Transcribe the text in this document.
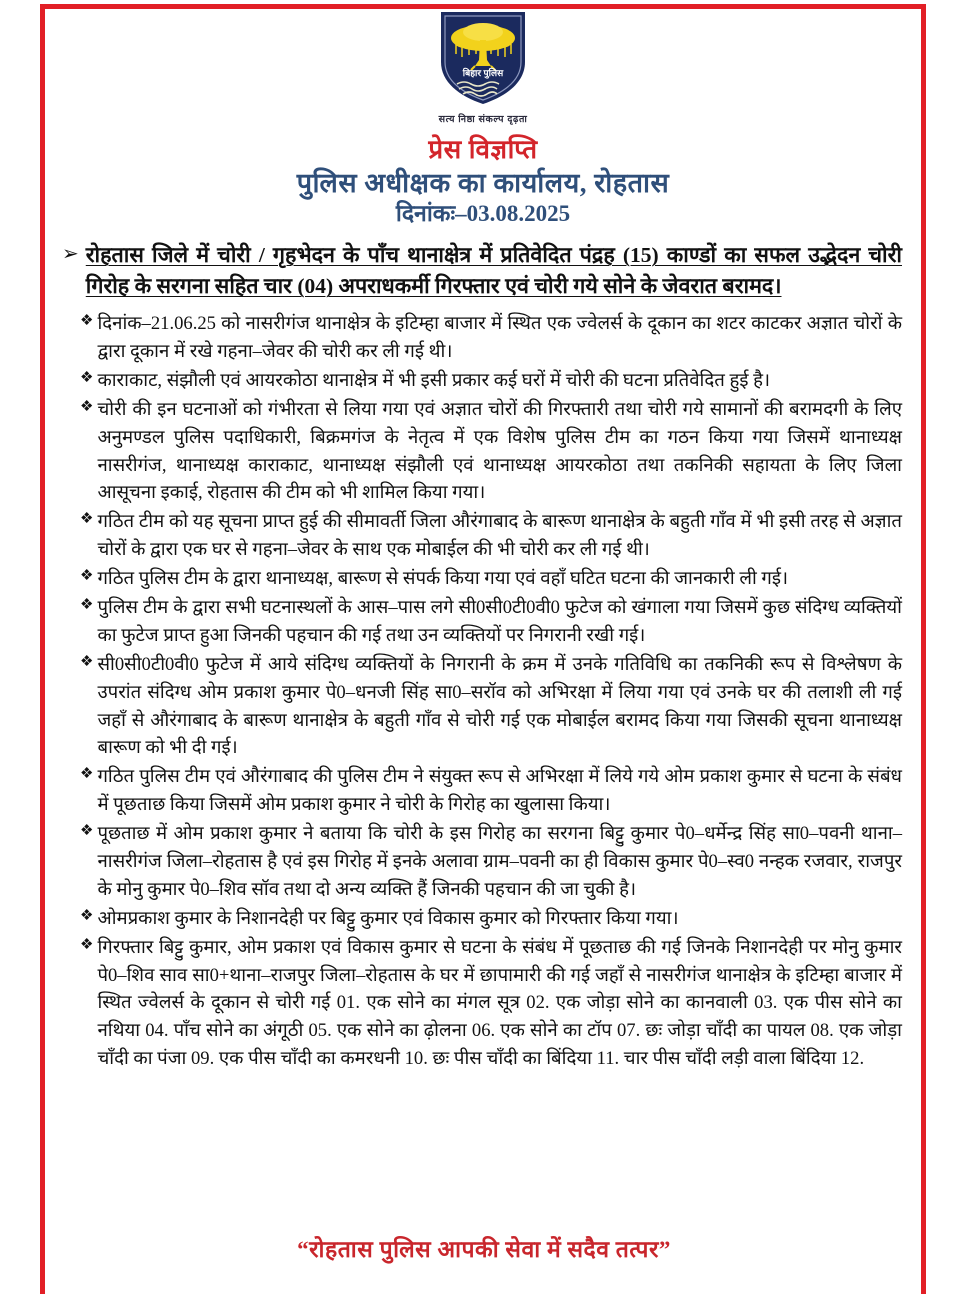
बिहार पुलिस
सत्य निष्ठा संकल्प दृढ़ता
प्रेस विज्ञप्ति
पुलिस अधीक्षक का कार्यालय, रोहतास
दिनांकः–03.08.2025
➢ रोहतास जिले में चोरी / गृहभेदन के पाँच थानाक्षेत्र में प्रतिवेदित पंद्रह (15) काण्डों का सफल उद्भेदन चोरी गिरोह के सरगना सहित चार (04) अपराधकर्मी गिरफ्तार एवं चोरी गये सोने के जेवरात बरामद।
❖ दिनांक–21.06.25 को नासरीगंज थानाक्षेत्र के इटिम्हा बाजार में स्थित एक ज्वेलर्स के दूकान का शटर काटकर अज्ञात चोरों के द्वारा दूकान में रखे गहना–जेवर की चोरी कर ली गई थी।
❖ काराकाट, संझौली एवं आयरकोठा थानाक्षेत्र में भी इसी प्रकार कई घरों में चोरी की घटना प्रतिवेदित हुई है।
❖ चोरी की इन घटनाओं को गंभीरता से लिया गया एवं अज्ञात चोरों की गिरफ्तारी तथा चोरी गये सामानों की बरामदगी के लिए अनुमण्डल पुलिस पदाधिकारी, बिक्रमगंज के नेतृत्व में एक विशेष पुलिस टीम का गठन किया गया जिसमें थानाध्यक्ष नासरीगंज, थानाध्यक्ष काराकाट, थानाध्यक्ष संझौली एवं थानाध्यक्ष आयरकोठा तथा तकनिकी सहायता के लिए जिला आसूचना इकाई, रोहतास की टीम को भी शामिल किया गया।
❖ गठित टीम को यह सूचना प्राप्त हुई की सीमावर्ती जिला औरंगाबाद के बारूण थानाक्षेत्र के बहुती गाँव में भी इसी तरह से अज्ञात चोरों के द्वारा एक घर से गहना–जेवर के साथ एक मोबाईल की भी चोरी कर ली गई थी।
❖ गठित पुलिस टीम के द्वारा थानाध्यक्ष, बारूण से संपर्क किया गया एवं वहाँ घटित घटना की जानकारी ली गई।
❖ पुलिस टीम के द्वारा सभी घटनास्थलों के आस–पास लगे सी0सी0टी0वी0 फुटेज को खंगाला गया जिसमें कुछ संदिग्ध व्यक्तियों का फुटेज प्राप्त हुआ जिनकी पहचान की गई तथा उन व्यक्तियों पर निगरानी रखी गई।
❖ सी0सी0टी0वी0 फुटेज में आये संदिग्ध व्यक्तियों के निगरानी के क्रम में उनके गतिविधि का तकनिकी रूप से विश्लेषण के उपरांत संदिग्ध ओम प्रकाश कुमार पे0–धनजी सिंह सा0–सरॉव को अभिरक्षा में लिया गया एवं उनके घर की तलाशी ली गई जहाँ से औरंगाबाद के बारूण थानाक्षेत्र के बहुती गाँव से चोरी गई एक मोबाईल बरामद किया गया जिसकी सूचना थानाध्यक्ष बारूण को भी दी गई।
❖ गठित पुलिस टीम एवं औरंगाबाद की पुलिस टीम ने संयुक्त रूप से अभिरक्षा में लिये गये ओम प्रकाश कुमार से घटना के संबंध में पूछताछ किया जिसमें ओम प्रकाश कुमार ने चोरी के गिरोह का खुलासा किया।
❖ पूछताछ में ओम प्रकाश कुमार ने बताया कि चोरी के इस गिरोह का सरगना बिट्टु कुमार पे0–धर्मेन्द्र सिंह सा0–पवनी थाना–नासरीगंज जिला–रोहतास है एवं इस गिरोह में इनके अलावा ग्राम–पवनी का ही विकास कुमार पे0–स्व0 नन्हक रजवार, राजपुर के मोनु कुमार पे0–शिव सॉव तथा दो अन्य व्यक्ति हैं जिनकी पहचान की जा चुकी है।
❖ ओमप्रकाश कुमार के निशानदेही पर बिट्टु कुमार एवं विकास कुमार को गिरफ्तार किया गया।
❖ गिरफ्तार बिट्टु कुमार, ओम प्रकाश एवं विकास कुमार से घटना के संबंध में पूछताछ की गई जिनके निशानदेही पर मोनु कुमार पे0–शिव साव सा0+थाना–राजपुर जिला–रोहतास के घर में छापामारी की गई जहाँ से नासरीगंज थानाक्षेत्र के इटिम्हा बाजार में स्थित ज्वेलर्स के दूकान से चोरी गई 01. एक सोने का मंगल सूत्र 02. एक जोड़ा सोने का कानवाली 03. एक पीस सोने का नथिया 04. पाँच सोने का अंगूठी 05. एक सोने का ढ़ोलना 06. एक सोने का टॉप 07. छः जोड़ा चाँदी का पायल 08. एक जोड़ा चाँदी का पंजा 09. एक पीस चाँदी का कमरधनी 10. छः पीस चाँदी का बिंदिया 11. चार पीस चाँदी लड़ी वाला बिंदिया 12.
“रोहतास पुलिस आपकी सेवा में सदैव तत्पर”
